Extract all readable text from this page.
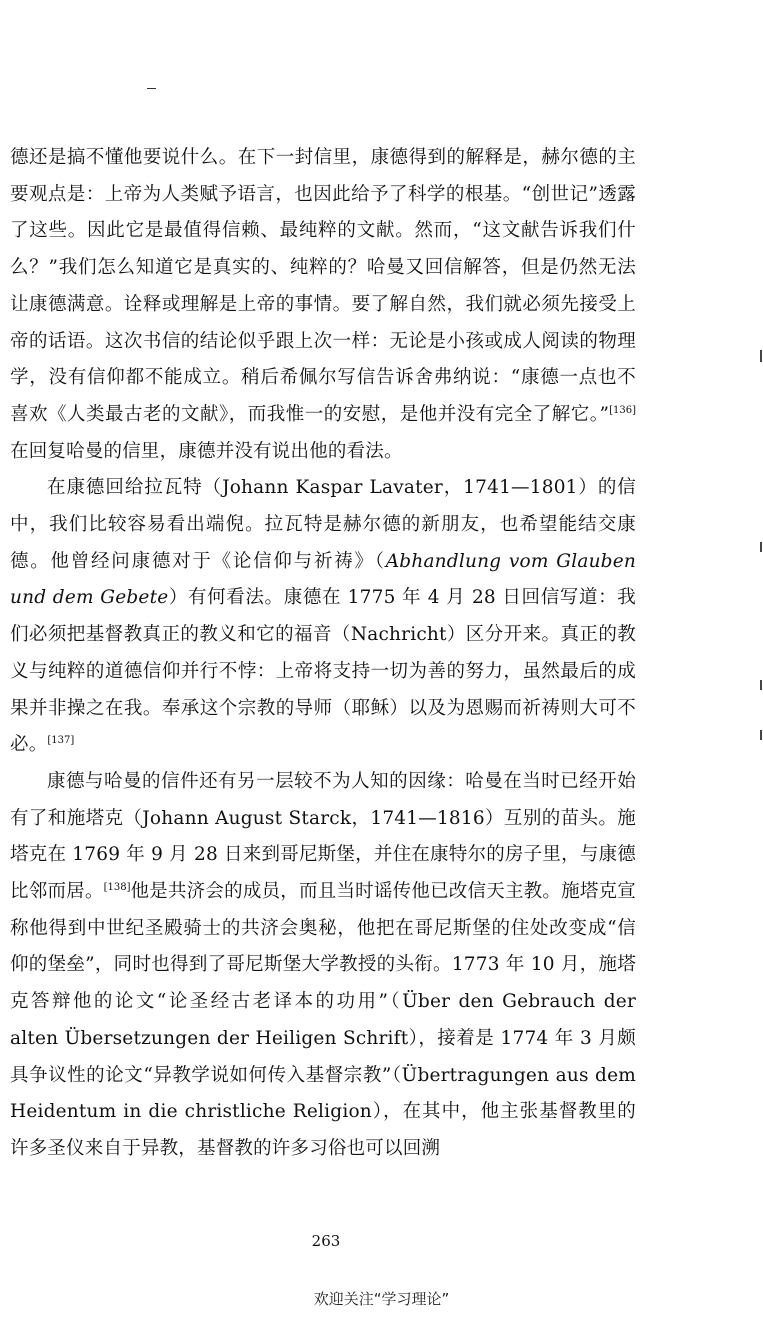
德还是搞不懂他要说什么。在下一封信里，康德得到的解释是，赫尔德的主要观点是：上帝为人类赋予语言，也因此给予了科学的根基。“创世记”透露了这些。因此它是最值得信赖、最纯粹的文献。然而，“这文献告诉我们什么？”我们怎么知道它是真实的、纯粹的？哈曼又回信解答，但是仍然无法让康德满意。诠释或理解是上帝的事情。要了解自然，我们就必须先接受上帝的话语。这次书信的结论似乎跟上次一样：无论是小孩或成人阅读的物理学，没有信仰都不能成立。稍后希佩尔写信告诉舍弗纳说：“康德一点也不喜欢《人类最古老的文献》，而我惟一的安慰，是他并没有完全了解它。”[136]在回复哈曼的信里，康德并没有说出他的看法。

在康德回给拉瓦特（Johann Kaspar Lavater，1741—1801）的信中，我们比较容易看出端倪。拉瓦特是赫尔德的新朋友，也希望能结交康德。他曾经问康德对于《论信仰与祈祷》（Abhandlung vom Glauben und dem Gebete）有何看法。康德在 1775 年 4 月 28 日回信写道：我们必须把基督教真正的教义和它的福音（Nachricht）区分开来。真正的教义与纯粹的道德信仰并行不悖：上帝将支持一切为善的努力，虽然最后的成果并非操之在我。奉承这个宗教的导师（耶稣）以及为恩赐而祈祷则大可不必。[137]

康德与哈曼的信件还有另一层较不为人知的因缘：哈曼在当时已经开始有了和施塔克（Johann August Starck，1741—1816）互别的苗头。施塔克在 1769 年 9 月 28 日来到哥尼斯堡，并住在康特尔的房子里，与康德比邻而居。[138]他是共济会的成员，而且当时谣传他已改信天主教。施塔克宣称他得到中世纪圣殿骑士的共济会奥秘，他把在哥尼斯堡的住处改变成“信仰的堡垒”，同时也得到了哥尼斯堡大学教授的头衔。1773 年 10 月，施塔克答辩他的论文“论圣经古老译本的功用”（Über den Gebrauch der alten Übersetzungen der Heiligen Schrift），接着是 1774 年 3 月颇具争议性的论文“异教学说如何传入基督宗教”（Übertragungen aus dem Heidentum in die christliche Religion），在其中，他主张基督教里的许多圣仪来自于异教，基督教的许多习俗也可以回溯

263
欢迎关注“学习理论”
